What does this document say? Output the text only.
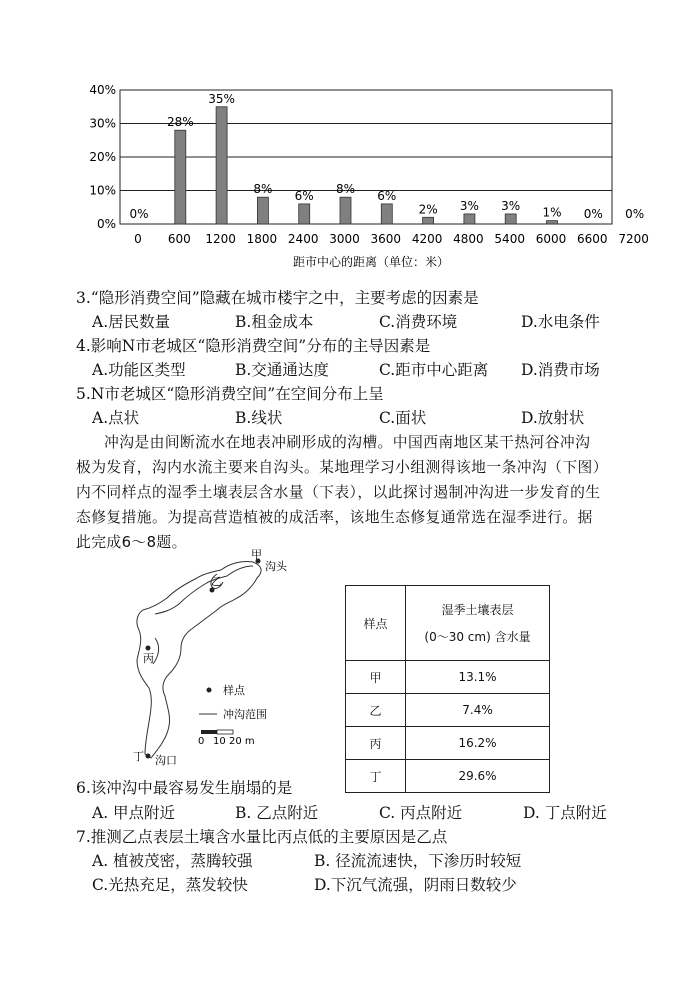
0%
28%
35%
8% 6% 8% 6%
2% 3% 3% 1% 0% 0%
0 600 1200 1800 2400 3000 3600 4200 4800 5400 6000 6600 7200
0%
10%
20%
30%
40%
距市中心的距离（单位：米）
3.“隐形消费空间”隐藏在城市楼宇之中，主要考虑的因素是
A.居民数量	B.租金成本	C.消费环境	D.水电条件
4.影响N市老城区“隐形消费空间”分布的主导因素是
A.功能区类型	B.交通通达度	C.距市中心距离 D.消费市场
5.N市老城区“隐形消费空间”在空间分布上呈
A.点状	B.线状	C.面状	D.放射状
冲沟是由间断流水在地表冲刷形成的沟槽。中国西南地区某干热河谷冲沟
极为发育，沟内水流主要来自沟头。某地理学习小组测得该地一条冲沟（下图）
内不同样点的湿季土壤表层含水量（下表），以此探讨遏制冲沟进一步发育的生
态修复措施。为提高营造植被的成活率，该地生态修复通常选在湿季进行。据
此完成6～8题。
甲
沟头
乙
丙
丁 沟口
样点
冲沟范围
0 10 20 m
样点	湿季土壤表层
(0～30 cm) 含水量

甲	13.1%
乙	7.4%
丙	16.2%
丁	29.6%
6.该冲沟中最容易发生崩塌的是
A. 甲点附近	B. 乙点附近	C. 丙点附近	D. 丁点附近
7.推测乙点表层土壤含水量比丙点低的主要原因是乙点
A. 植被茂密，蒸腾较强	B. 径流流速快，下渗历时较短
C.光热充足，蒸发较快	D.下沉气流强，阴雨日数较少
